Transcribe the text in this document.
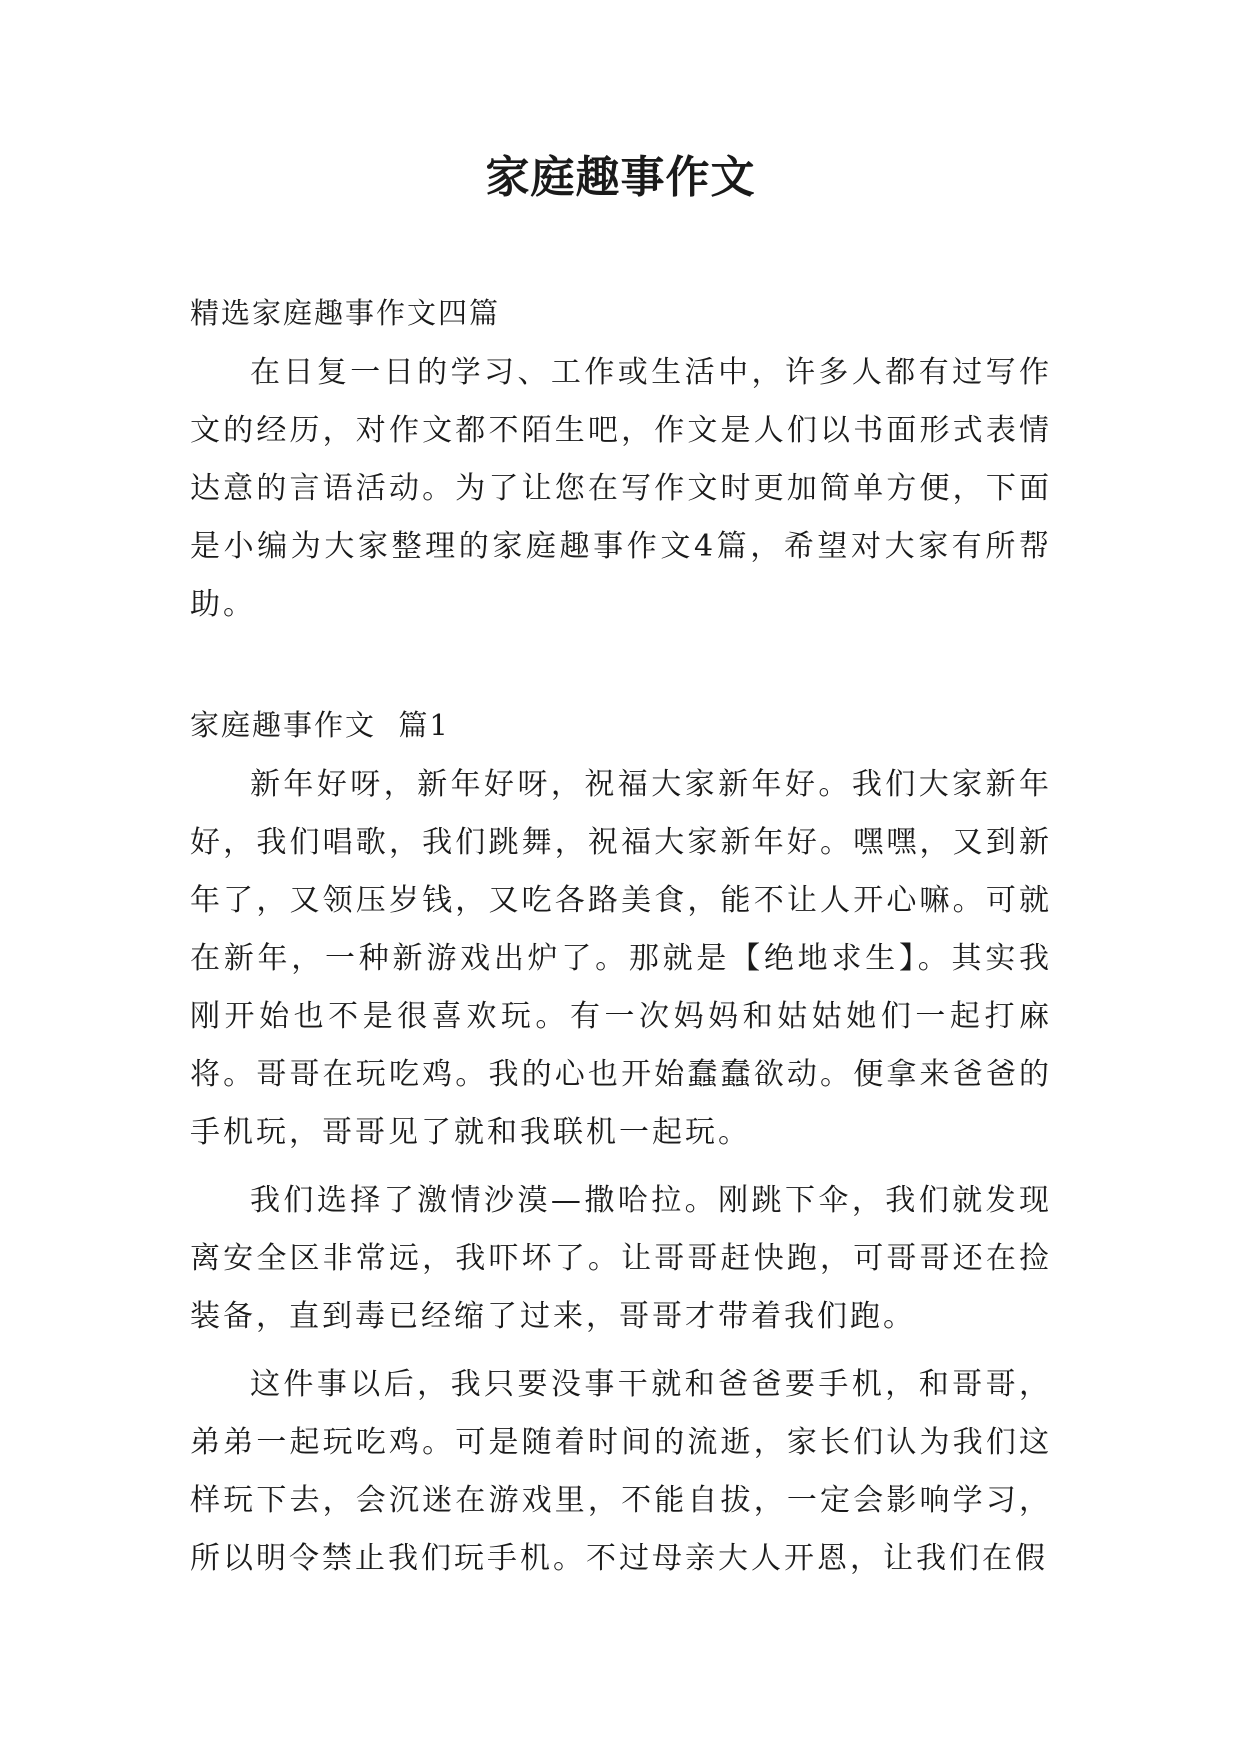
家庭趣事作文

精选家庭趣事作文四篇

在日复一日的学习、工作或生活中，许多人都有过写作文的经历，对作文都不陌生吧，作文是人们以书面形式表情达意的言语活动。为了让您在写作文时更加简单方便，下面是小编为大家整理的家庭趣事作文4篇，希望对大家有所帮助。

家庭趣事作文  篇1

新年好呀，新年好呀，祝福大家新年好。我们大家新年好，我们唱歌，我们跳舞，祝福大家新年好。嘿嘿，又到新年了，又领压岁钱，又吃各路美食，能不让人开心嘛。可就在新年，一种新游戏出炉了。那就是【绝地求生】。其实我刚开始也不是很喜欢玩。有一次妈妈和姑姑她们一起打麻将。哥哥在玩吃鸡。我的心也开始蠢蠢欲动。便拿来爸爸的手机玩，哥哥见了就和我联机一起玩。

我们选择了激情沙漠—撒哈拉。刚跳下伞，我们就发现离安全区非常远，我吓坏了。让哥哥赶快跑，可哥哥还在捡装备，直到毒已经缩了过来，哥哥才带着我们跑。

这件事以后，我只要没事干就和爸爸要手机，和哥哥，弟弟一起玩吃鸡。可是随着时间的流逝，家长们认为我们这样玩下去，会沉迷在游戏里，不能自拔，一定会影响学习，所以明令禁止我们玩手机。不过母亲大人开恩，让我们在假
